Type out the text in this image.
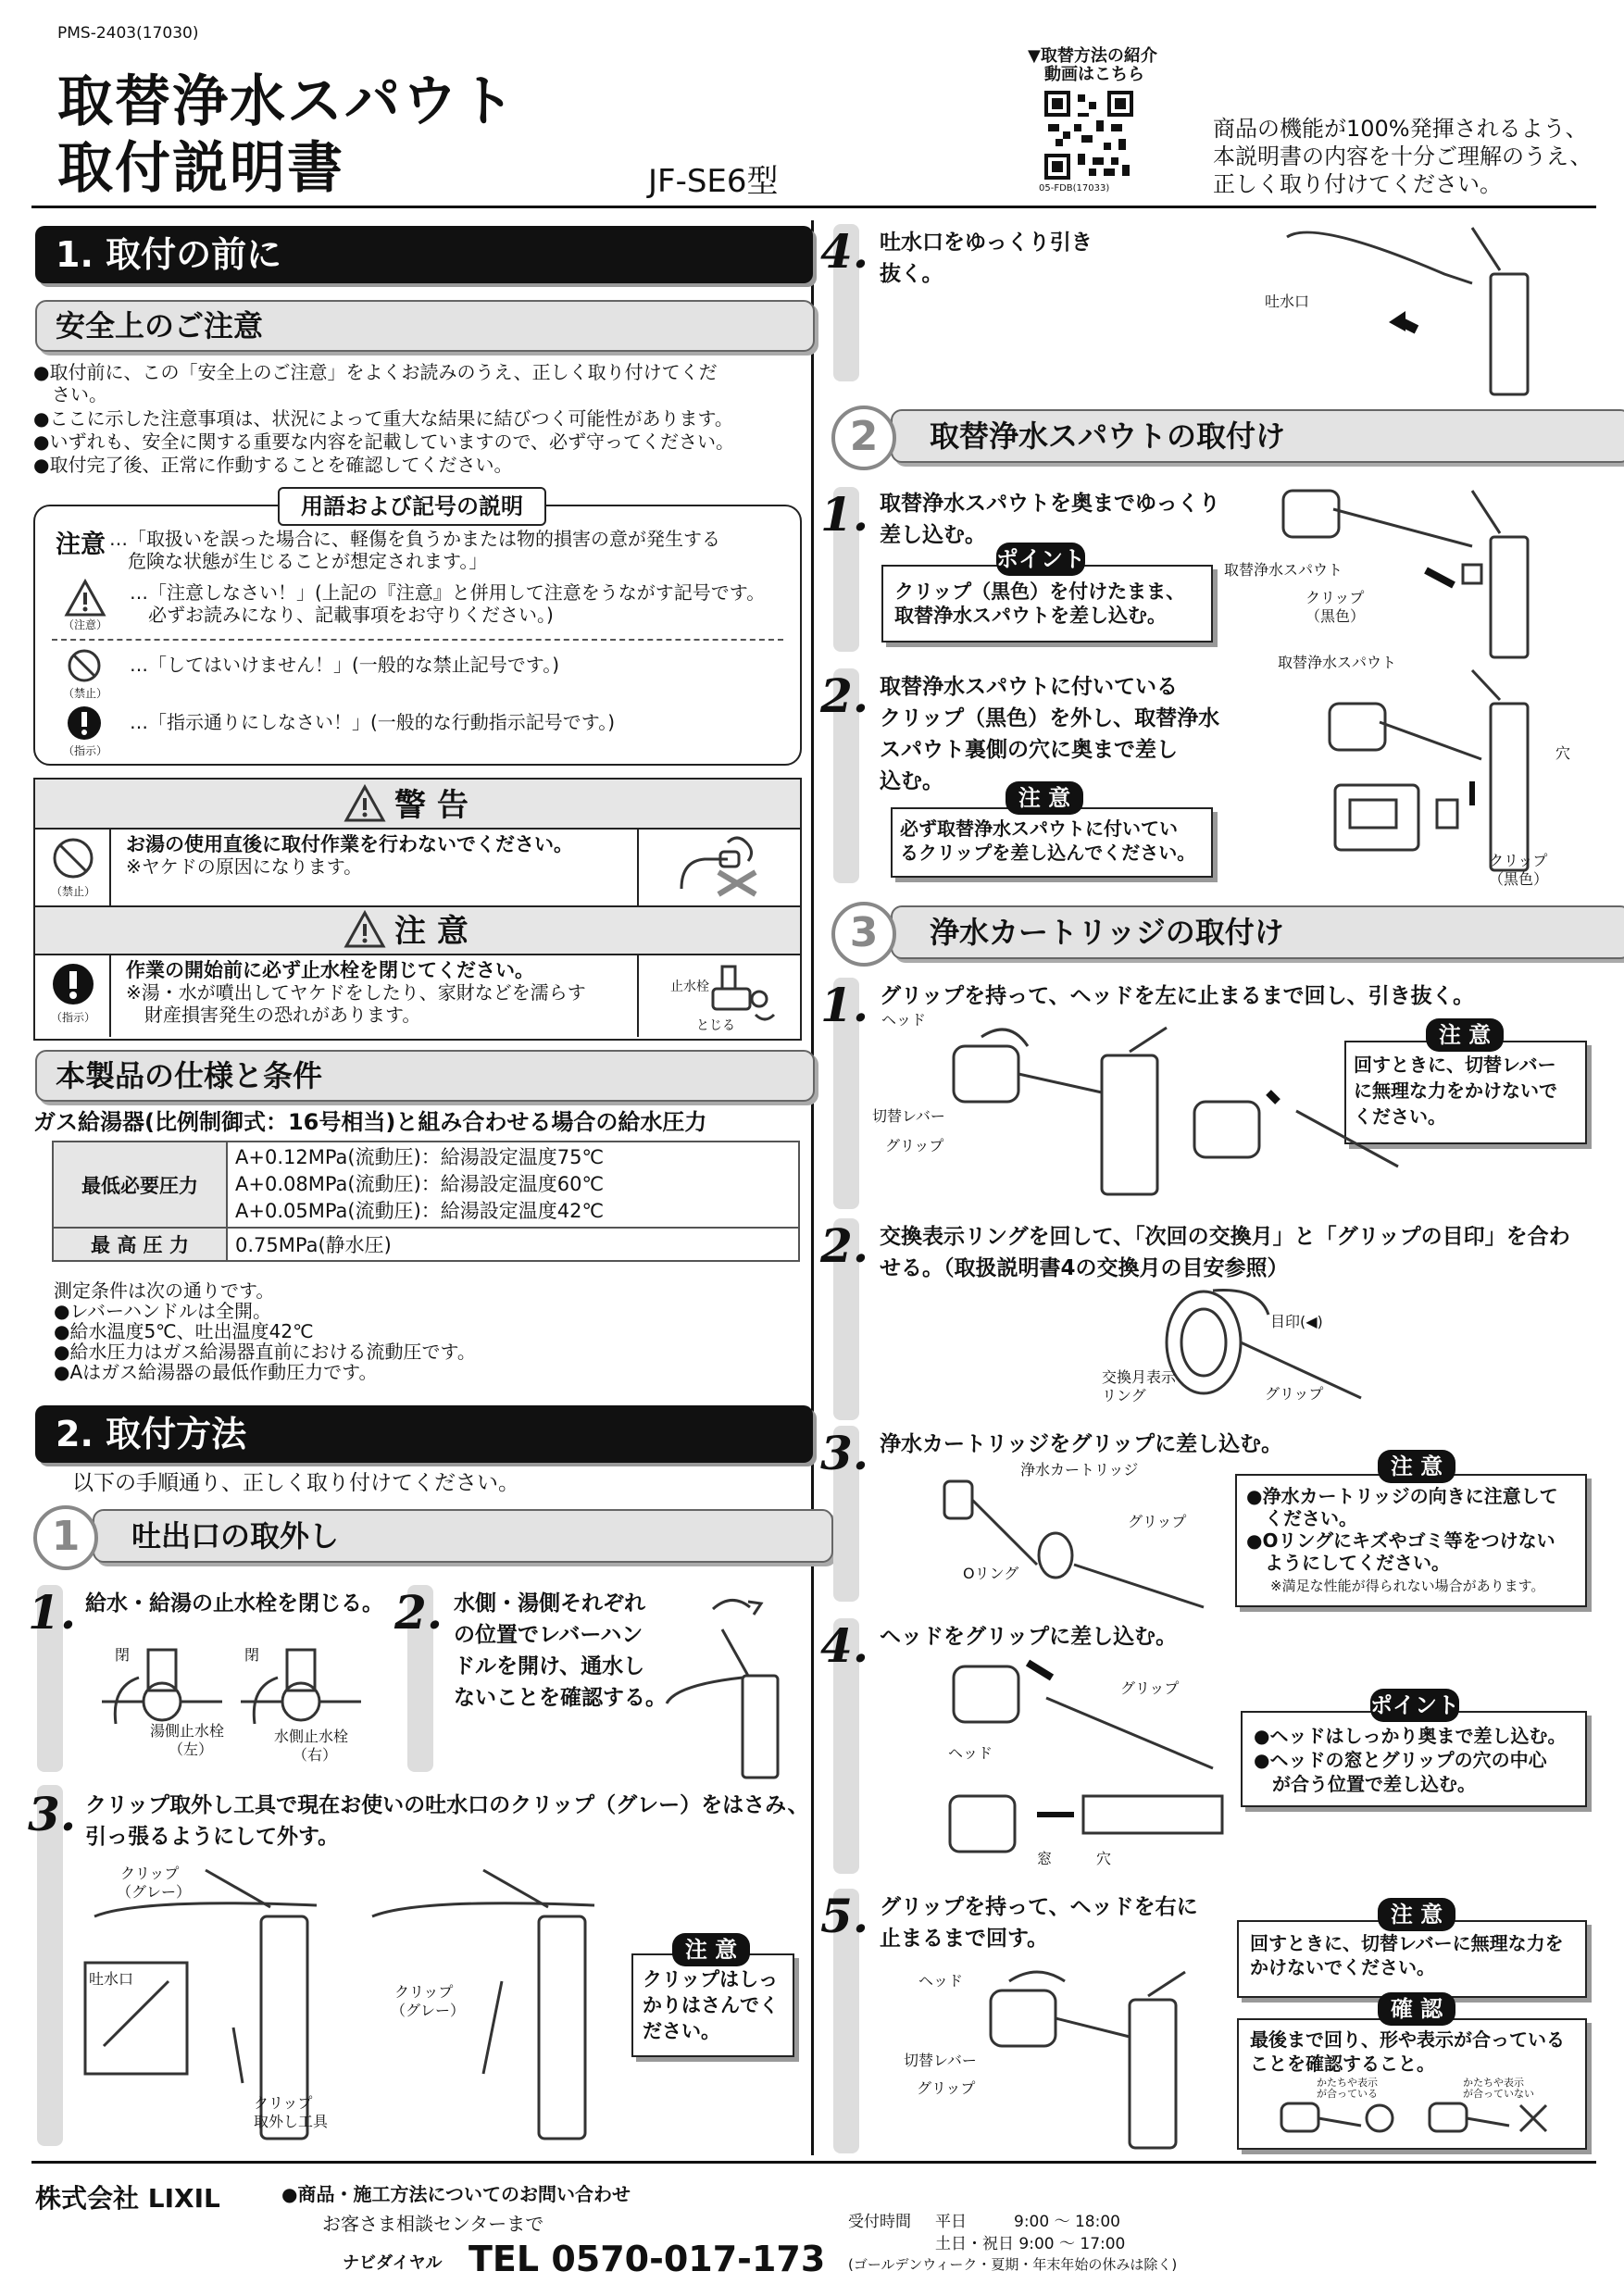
PMS-2403(17030)
取替浄水スパウト
取付説明書	JF-SE6型
▼取替方法の紹介
動画はこちら
05-FDB(17033)
商品の機能が100%発揮されるよう、
本説明書の内容を十分ご理解のうえ、
正しく取り付けてください。
1. 取付の前に
安全上のご注意
●取付前に、この「安全上のご注意」をよくお読みのうえ、正しく取り付けてくだ
　さい。
●ここに示した注意事項は、状況によって重大な結果に結びつく可能性があります。
●いずれも、安全に関する重要な内容を記載していますので、必ず守ってください。
●取付完了後、正常に作動することを確認してください。
用語および記号の説明
注意 …「取扱いを誤った場合に、軽傷を負うかまたは物的損害の意が発生する
　危険な状態が生じることが想定されます。」
（注意）
…「注意しなさい！」(上記の『注意』と併用して注意をうながす記号です。
　必ずお読みになり、記載事項をお守りください。)
（禁止）
…「してはいけません！」(一般的な禁止記号です。)
（指示）
…「指示通りにしなさい！」(一般的な行動指示記号です。)
警 告
（禁止）
お湯の使用直後に取付作業を行わないでください。
※ヤケドの原因になります。
注 意
（指示）
作業の開始前に必ず止水栓を閉じてください。
※湯・水が噴出してヤケドをしたり、家財などを濡らす
　財産損害発生の恐れがあります。
止水栓
とじる
本製品の仕様と条件
ガス給湯器(比例制御式：16号相当)と組み合わせる場合の給水圧力
最低必要圧力	A+0.12MPa(流動圧)：給湯設定温度75℃
A+0.08MPa(流動圧)：給湯設定温度60℃
A+0.05MPa(流動圧)：給湯設定温度42℃

最 高 圧 力	0.75MPa(静水圧)
測定条件は次の通りです。
●レバーハンドルは全開。
●給水温度5℃、吐出温度42℃
●給水圧力はガス給湯器直前における流動圧です。
●Aはガス給湯器の最低作動圧力です。
2. 取付方法
以下の手順通り、正しく取り付けてください。
吐出口の取外し
1
1. 給水・給湯の止水栓を閉じる。
閉	閉
湯側止水栓
（左）
水側止水栓
（右）
2. 水側・湯側それぞれ
の位置でレバーハン
ドルを開け、通水し
ないことを確認する。
3. クリップ取外し工具で現在お使いの吐水口のクリップ（グレー）をはさみ、
引っ張るようにして外す。
クリップ
（グレー）
吐水口
クリップ
（グレー）
クリップ
取外し工具
注 意
クリップはしっ
かりはさんでく
ださい。
4. 吐水口をゆっくり引き
抜く。
吐水口
取替浄水スパウトの取付け
2
1. 取替浄水スパウトを奥までゆっくり
差し込む。
ポイント
クリップ（黒色）を付けたまま、
取替浄水スパウトを差し込む。
取替浄水スパウト
クリップ
（黒色）
2. 取替浄水スパウトに付いている
クリップ（黒色）を外し、取替浄水
スパウト裏側の穴に奥まで差し
込む。
注 意
必ず取替浄水スパウトに付いてい
るクリップを差し込んでください。
取替浄水スパウト
穴
クリップ
（黒色）
浄水カートリッジの取付け
3
1. グリップを持って、ヘッドを左に止まるまで回し、引き抜く。
注 意
回すときに、切替レバー
に無理な力をかけないで
ください。
ヘッド
切替レバー
グリップ
2. 交換表示リングを回して、「次回の交換月」と「グリップの目印」を合わ
せる。（取扱説明書4の交換月の目安参照）
目印(◀)
交換月表示
リング	グリップ
3. 浄水カートリッジをグリップに差し込む。
注 意
●浄水カートリッジの向きに注意して
　ください。
●Oリングにキズやゴミ等をつけない
　ようにしてください。
※満足な性能が得られない場合があります。
浄水カートリッジ
グリップ
Oリング
4. ヘッドをグリップに差し込む。
ポイント
●ヘッドはしっかり奥まで差し込む。
●ヘッドの窓とグリップの穴の中心
　が合う位置で差し込む。
グリップ
ヘッド
窓	穴
5. グリップを持って、ヘッドを右に
止まるまで回す。
注 意
回すときに、切替レバーに無理な力を
かけないでください。
確 認
最後まで回り、形や表示が合っている
ことを確認すること。
かたちや表示
が合っている
かたちや表示
が合っていない
ヘッド
切替レバー
グリップ
株式会社 LIXIL	●商品・施工方法についてのお問い合わせ
お客さま相談センターまで
ナビダイヤル TEL 0570-017-173
受付時間 平日　　　9:00 〜 18:00
土日・祝日 9:00 〜 17:00
(ゴールデンウィーク・夏期・年末年始の休みは除く)
